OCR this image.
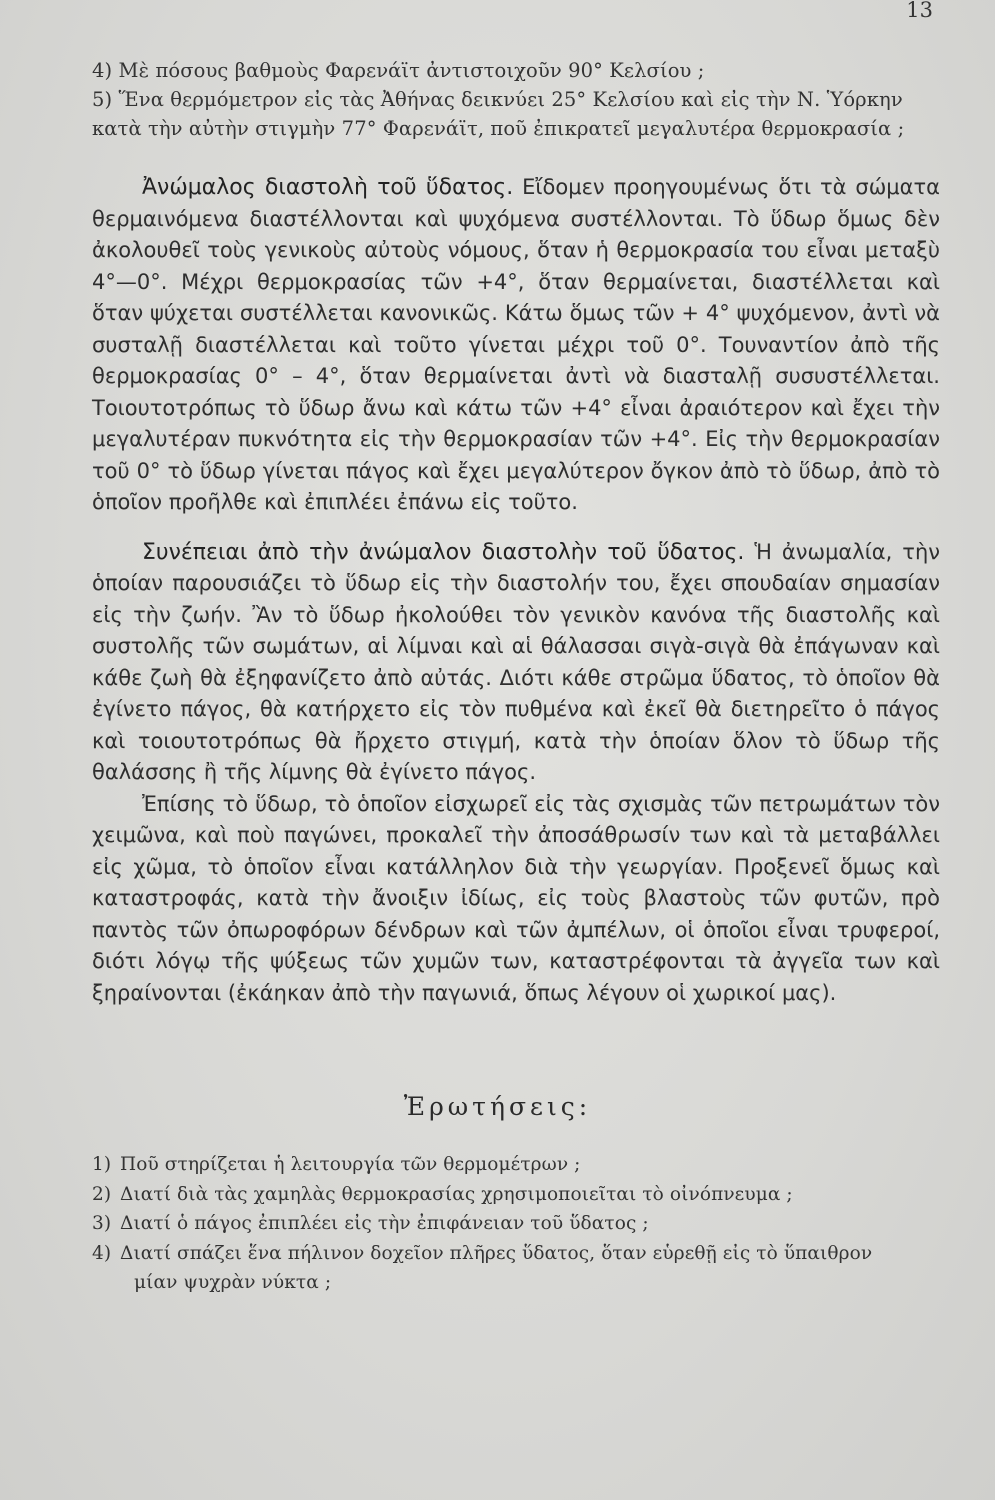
13
4) Μὲ πόσους βαθμοὺς Φαρενάϊτ ἀντιστοιχοῦν 90° Κελσίου ;
5) Ἕνα θερμόμετρον εἰς τὰς Ἀθήνας δεικνύει 25° Κελσίου καὶ εἰς τὴν Ν. Ὑόρκην
κατὰ τὴν αὐτὴν στιγμὴν 77° Φαρενάϊτ, ποῦ ἐπικρατεῖ μεγαλυτέρα θερμοκρασία ;

Ἀνώμαλος διαστολὴ τοῦ ὕδατος. Εἴδομεν προηγουμένως ὅτι τὰ σώματα θερμαινόμενα διαστέλλονται καὶ ψυχόμενα συστέλλονται. Τὸ ὕδωρ ὅμως δὲν ἀκολουθεῖ τοὺς γενικοὺς αὐτοὺς νόμους, ὅταν ἡ θερμοκρασία του εἶναι μεταξὺ 4°—0°. Μέχρι θερμοκρασίας τῶν +4°, ὅταν θερμαίνεται, διαστέλλεται καὶ ὅταν ψύχεται συστέλλεται κανονικῶς. Κάτω ὅμως τῶν + 4° ψυχόμενον, ἀντὶ νὰ συσταλῇ διαστέλλεται καὶ τοῦτο γίνεται μέχρι τοῦ 0°. Τουναντίον ἀπὸ τῆς θερμοκρασίας 0° – 4°, ὅταν θερμαίνεται ἀντὶ νὰ διασταλῇ συσυστέλλεται. Τοιουτοτρόπως τὸ ὕδωρ ἄνω καὶ κάτω τῶν +4° εἶναι ἀραιότερον καὶ ἔχει τὴν μεγαλυτέραν πυκνότητα εἰς τὴν θερμοκρασίαν τῶν +4°. Εἰς τὴν θερμοκρασίαν τοῦ 0° τὸ ὕδωρ γίνεται πάγος καὶ ἔχει μεγαλύτερον ὄγκον ἀπὸ τὸ ὕδωρ, ἀπὸ τὸ ὁποῖον προῆλθε καὶ ἐπιπλέει ἐπάνω εἰς τοῦτο.

Συνέπειαι ἀπὸ τὴν ἀνώμαλον διαστολὴν τοῦ ὕδατος. Ἡ ἀνωμαλία, τὴν ὁποίαν παρουσιάζει τὸ ὕδωρ εἰς τὴν διαστολήν του, ἔχει σπουδαίαν σημασίαν εἰς τὴν ζωήν. Ἂν τὸ ὕδωρ ἠκολούθει τὸν γενικὸν κανόνα τῆς διαστολῆς καὶ συστολῆς τῶν σωμάτων, αἱ λίμναι καὶ αἱ θάλασσαι σιγὰ-σιγὰ θὰ ἐπάγωναν καὶ κάθε ζωὴ θὰ ἐξηφανίζετο ἀπὸ αὐτάς. Διότι κάθε στρῶμα ὕδατος, τὸ ὁποῖον θὰ ἐγίνετο πάγος, θὰ κατήρχετο εἰς τὸν πυθμένα καὶ ἐκεῖ θὰ διετηρεῖτο ὁ πάγος καὶ τοιουτοτρόπως θὰ ἤρχετο στιγμή, κατὰ τὴν ὁποίαν ὅλον τὸ ὕδωρ τῆς θαλάσσης ἢ τῆς λίμνης θὰ ἐγίνετο πάγος.

Ἐπίσης τὸ ὕδωρ, τὸ ὁποῖον εἰσχωρεῖ εἰς τὰς σχισμὰς τῶν πετρωμάτων τὸν χειμῶνα, καὶ ποὺ παγώνει, προκαλεῖ τὴν ἀποσάθρωσίν των καὶ τὰ μεταβάλλει εἰς χῶμα, τὸ ὁποῖον εἶναι κατάλληλον διὰ τὴν γεωργίαν. Προξενεῖ ὅμως καὶ καταστροφάς, κατὰ τὴν ἄνοιξιν ἰδίως, εἰς τοὺς βλαστοὺς τῶν φυτῶν, πρὸ παντὸς τῶν ὀπωροφόρων δένδρων καὶ τῶν ἀμπέλων, οἱ ὁποῖοι εἶναι τρυφεροί, διότι λόγῳ τῆς ψύξεως τῶν χυμῶν των, καταστρέφονται τὰ ἀγγεῖα των καὶ ξηραίνονται (ἐκάηκαν ἀπὸ τὴν παγωνιά, ὅπως λέγουν οἱ χωρικοί μας).

Ἐρωτήσεις:
1) Ποῦ στηρίζεται ἡ λειτουργία τῶν θερμομέτρων ;
2) Διατί διὰ τὰς χαμηλὰς θερμοκρασίας χρησιμοποιεῖται τὸ οἰνόπνευμα ;
3) Διατί ὁ πάγος ἐπιπλέει εἰς τὴν ἐπιφάνειαν τοῦ ὕδατος ;
4) Διατί σπάζει ἕνα πήλινον δοχεῖον πλῆρες ὕδατος, ὅταν εὑρεθῇ εἰς τὸ ὕπαιθρον
μίαν ψυχρὰν νύκτα ;
